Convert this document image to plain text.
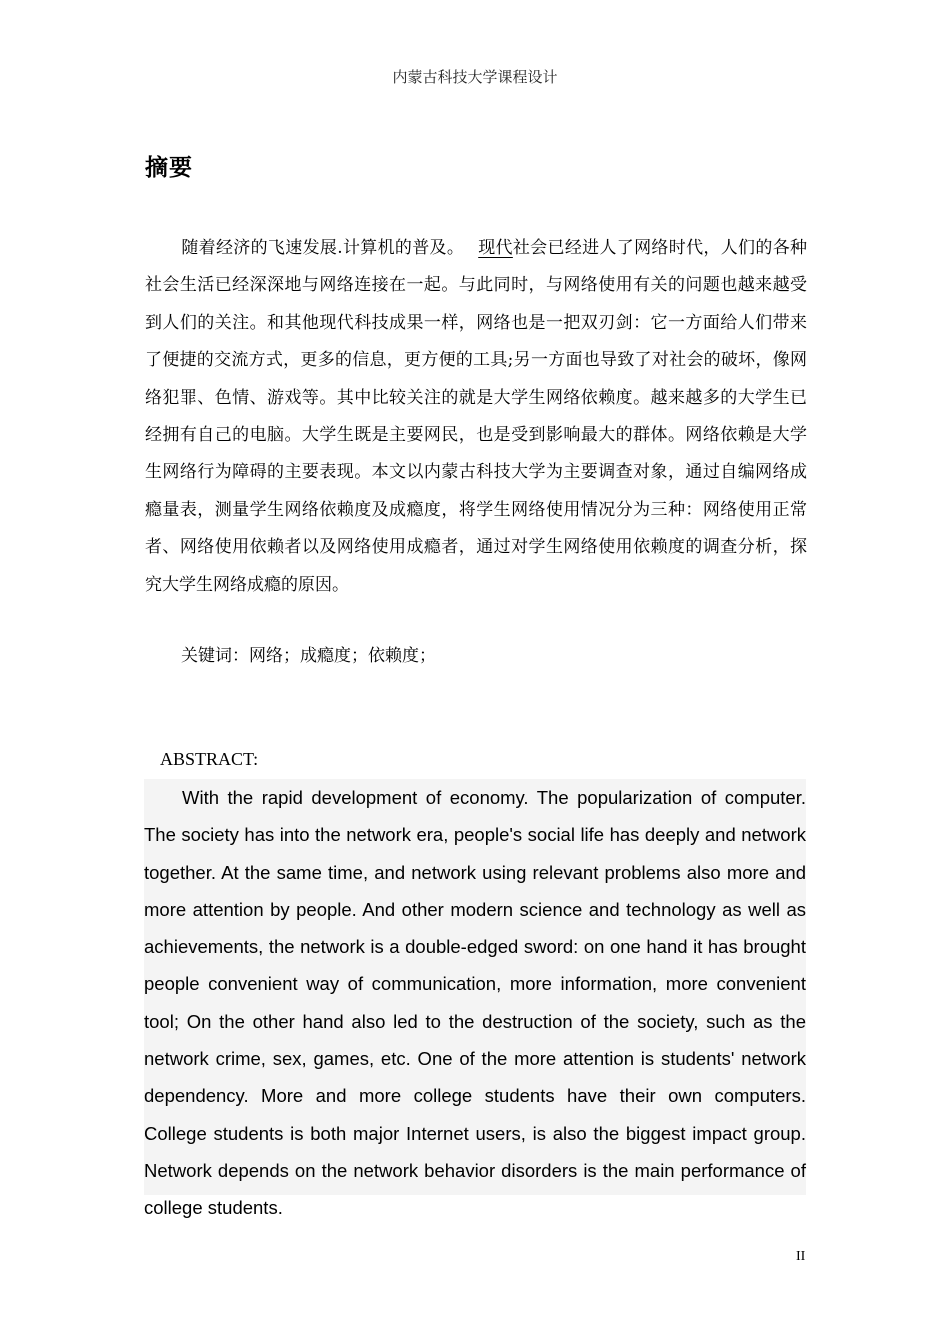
内蒙古科技大学课程设计
摘要

随着经济的飞速发展.计算机的普及。 现代社会已经进人了网络时代，人们的各种社会生活已经深深地与网络连接在一起。与此同时，与网络使用有关的问题也越来越受到人们的关注。和其他现代科技成果一样，网络也是一把双刃剑：它一方面给人们带来了便捷的交流方式，更多的信息，更方便的工具;另一方面也导致了对社会的破坏，像网络犯罪、色情、游戏等。其中比较关注的就是大学生网络依赖度。越来越多的大学生已经拥有自己的电脑。大学生既是主要网民，也是受到影响最大的群体。网络依赖是大学生网络行为障碍的主要表现。本文以内蒙古科技大学为主要调查对象，通过自编网络成瘾量表，测量学生网络依赖度及成瘾度，将学生网络使用情况分为三种：网络使用正常者、网络使用依赖者以及网络使用成瘾者，通过对学生网络使用依赖度的调查分析，探究大学生网络成瘾的原因。

关键词：网络；成瘾度；依赖度；
ABSTRACT:

With the rapid development of economy. The popularization of computer. The society has into the network era, people's social life has deeply and network together. At the same time, and network using relevant problems also more and more attention by people. And other modern science and technology as well as achievements, the network is a double-edged sword: on one hand it has brought people convenient way of communication, more information, more convenient tool; On the other hand also led to the destruction of the society, such as the network crime, sex, games, etc. One of the more attention is students' network dependency. More and more college students have their own computers. College students is both major Internet users, is also the biggest impact group. Network depends on the network behavior disorders is the main performance of college students.

II
